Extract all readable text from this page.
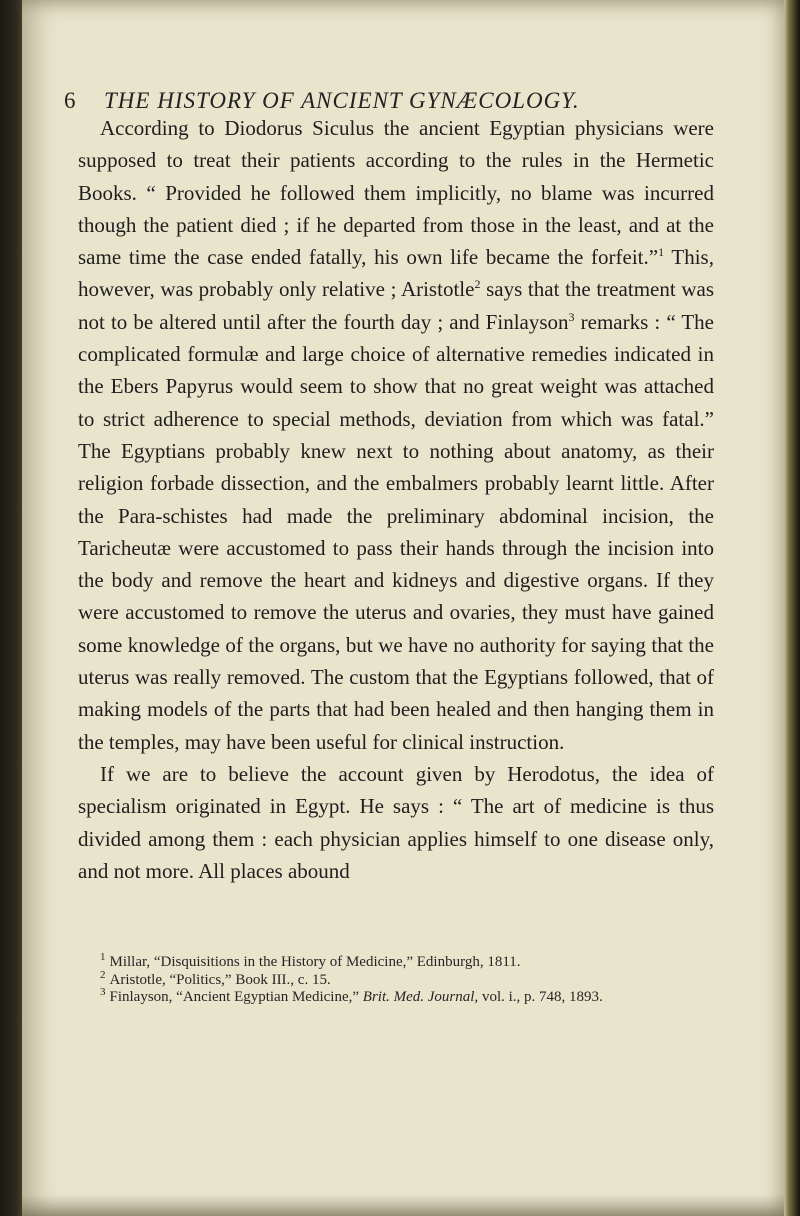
6 THE HISTORY OF ANCIENT GYNÆCOLOGY.

According to Diodorus Siculus the ancient Egyptian physicians were supposed to treat their patients according to the rules in the Hermetic Books. “ Provided he followed them implicitly, no blame was incurred though the patient died ; if he departed from those in the least, and at the same time the case ended fatally, his own life became the forfeit.”$^1$ This, however, was probably only relative ; Aristotle$^2$ says that the treatment was not to be altered until after the fourth day ; and Finlayson$^3$ remarks : “ The complicated formulæ and large choice of alternative remedies indicated in the Ebers Papyrus would seem to show that no great weight was attached to strict adherence to special methods, deviation from which was fatal.” The Egyptians probably knew next to nothing about anatomy, as their religion forbade dissection, and the embalmers probably learnt little. After the Para-schistes had made the preliminary abdominal incision, the Taricheutæ were accustomed to pass their hands through the incision into the body and remove the heart and kidneys and digestive organs. If they were accustomed to remove the uterus and ovaries, they must have gained some knowledge of the organs, but we have no authority for saying that the uterus was really removed. The custom that the Egyptians followed, that of making models of the parts that had been healed and then hanging them in the temples, may have been useful for clinical instruction.

If we are to believe the account given by Herodotus, the idea of specialism originated in Egypt. He says : “ The art of medicine is thus divided among them : each physician applies himself to one disease only, and not more. All places abound

$^1$ Millar, “Disquisitions in the History of Medicine,” Edinburgh, 1811.
$^2$ Aristotle, “Politics,” Book III., c. 15.
$^3$ Finlayson, “Ancient Egyptian Medicine,” Brit. Med. Journal, vol. i., p. 748, 1893.
